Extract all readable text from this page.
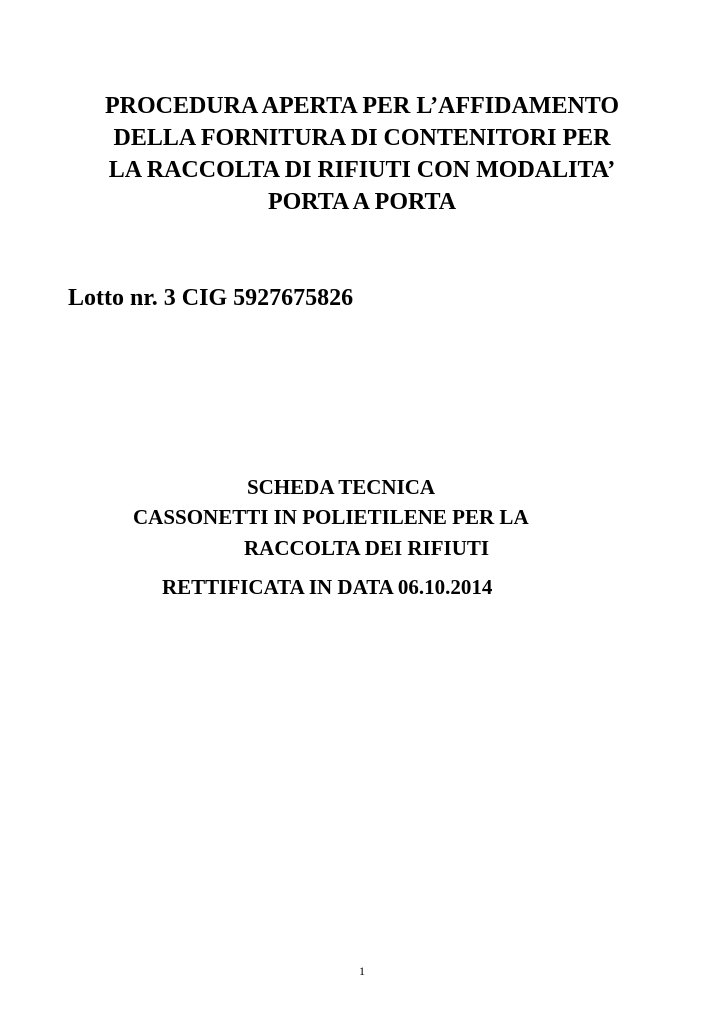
PROCEDURA APERTA PER L’AFFIDAMENTO
DELLA FORNITURA DI CONTENITORI PER
LA RACCOLTA DI RIFIUTI CON MODALITA’
PORTA A PORTA
Lotto nr. 3 CIG 5927675826
SCHEDA TECNICA
CASSONETTI IN POLIETILENE PER LA
RACCOLTA DEI RIFIUTI
RETTIFICATA IN DATA 06.10.2014
1
